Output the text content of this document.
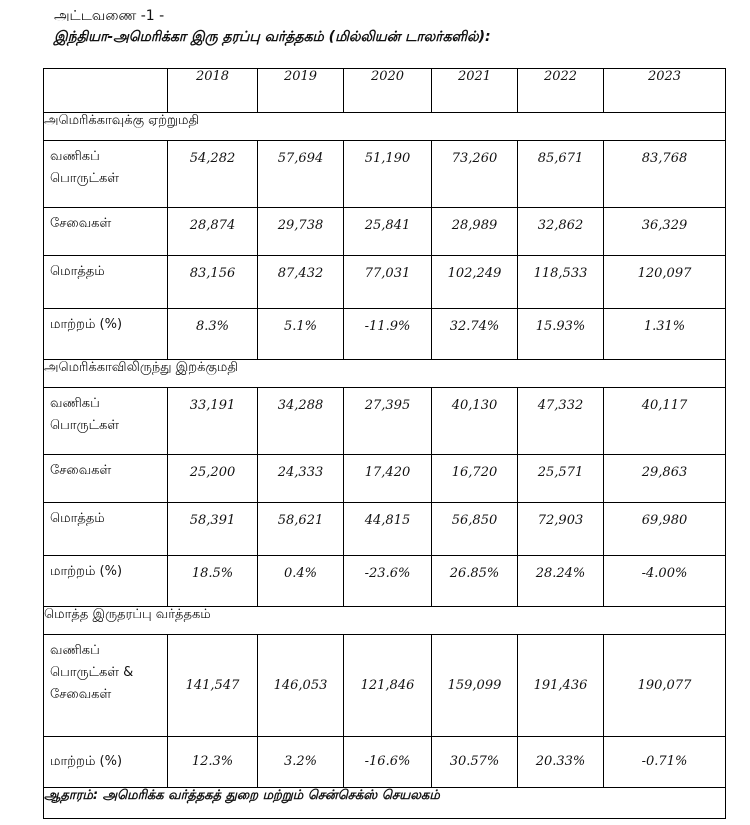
அட்டவணை -1 -
இந்தியா-அமெரிக்கா இரு தரப்பு வர்த்தகம் (மில்லியன் டாலர்களில்):
	2018	2019	2020	2021	2022	2023
அமெரிக்காவுக்கு ஏற்றுமதி						
வணிகப் பொருட்கள்	54,282	57,694	51,190	73,260	85,671	83,768
சேவைகள்	28,874	29,738	25,841	28,989	32,862	36,329
மொத்தம்	83,156	87,432	77,031	102,249	118,533	120,097
மாற்றம் (%)	8.3%	5.1%	-11.9%	32.74%	15.93%	1.31%
அமெரிக்காவிலிருந்து இறக்குமதி						
வணிகப் பொருட்கள்	33,191	34,288	27,395	40,130	47,332	40,117
சேவைகள்	25,200	24,333	17,420	16,720	25,571	29,863
மொத்தம்	58,391	58,621	44,815	56,850	72,903	69,980
மாற்றம் (%)	18.5%	0.4%	-23.6%	26.85%	28.24%	-4.00%
மொத்த இருதரப்பு வர்த்தகம்						
வணிகப் பொருட்கள் & சேவைகள்	141,547	146,053	121,846	159,099	191,436	190,077
மாற்றம் (%)	12.3%	3.2%	-16.6%	30.57%	20.33%	-0.71%
ஆதாரம்: அமெரிக்க வர்த்தகத் துறை மற்றும் சென்செக்ஸ் செயலகம்						
